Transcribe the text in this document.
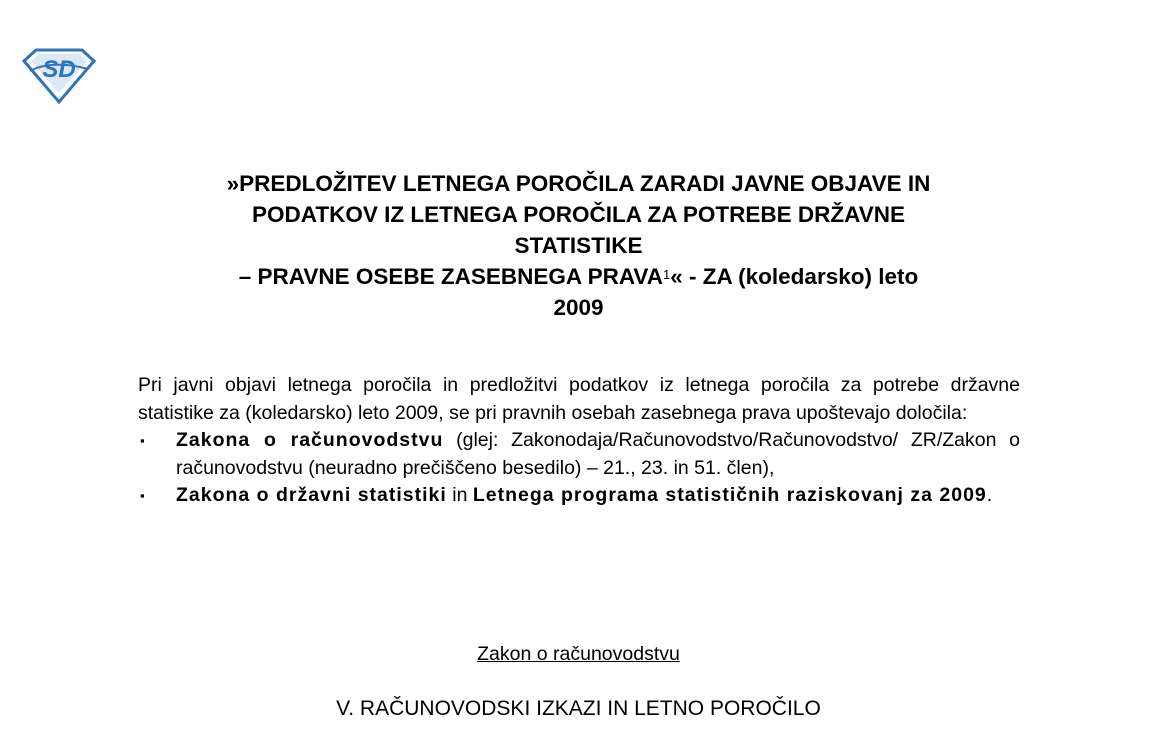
SD
»PREDLOŽITEV LETNEGA POROČILA ZARADI JAVNE OBJAVE IN
PODATKOV IZ LETNEGA POROČILA ZA POTREBE DRŽAVNE
STATISTIKE
– PRAVNE OSEBE ZASEBNEGA PRAVA$^1$« - ZA (koledarsko) leto
2009

Pri javni objavi letnega poročila in predložitvi podatkov iz letnega poročila za potrebe državne statistike za (koledarsko) leto 2009, se pri pravnih osebah zasebnega prava upoštevajo določila:

▪ Zakona o računovodstvu (glej: Zakonodaja/Računovodstvo/Računovodstvo/ ZR/Zakon o računovodstvu (neuradno prečiščeno besedilo) – 21., 23. in 51. člen),
▪ Zakona o državni statistiki in Letnega programa statističnih raziskovanj za 2009.
Zakon o računovodstvu
V. RAČUNOVODSKI IZKAZI IN LETNO POROČILO
